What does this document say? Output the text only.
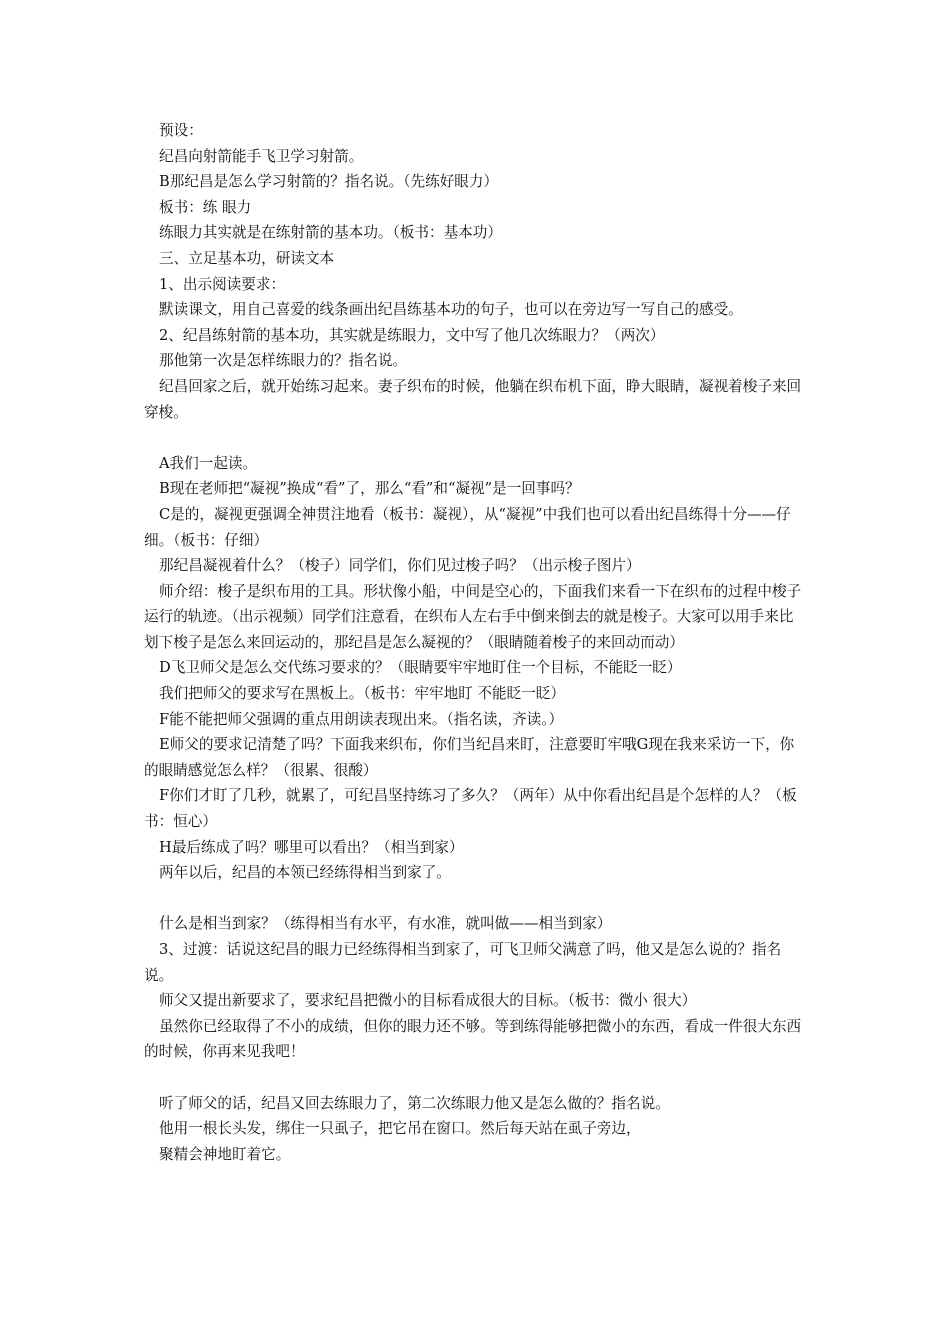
预设：

纪昌向射箭能手飞卫学习射箭。

B那纪昌是怎么学习射箭的？指名说。（先练好眼力）

板书：练 眼力

练眼力其实就是在练射箭的基本功。（板书：基本功）

三、立足基本功，研读文本

1、出示阅读要求：

默读课文，用自己喜爱的线条画出纪昌练基本功的句子，也可以在旁边写一写自己的感受。

2、纪昌练射箭的基本功，其实就是练眼力，文中写了他几次练眼力？（两次）

那他第一次是怎样练眼力的？指名说。

纪昌回家之后，就开始练习起来。妻子织布的时候，他躺在织布机下面，睁大眼睛，凝视着梭子来回穿梭。

A我们一起读。

B现在老师把“凝视”换成“看”了，那么“看”和“凝视”是一回事吗？

C是的，凝视更强调全神贯注地看（板书：凝视），从“凝视”中我们也可以看出纪昌练得十分——仔细。（板书：仔细）

那纪昌凝视着什么？（梭子）同学们，你们见过梭子吗？（出示梭子图片）

师介绍：梭子是织布用的工具。形状像小船，中间是空心的，下面我们来看一下在织布的过程中梭子运行的轨迹。（出示视频）同学们注意看，在织布人左右手中倒来倒去的就是梭子。大家可以用手来比划下梭子是怎么来回运动的，那纪昌是怎么凝视的？（眼睛随着梭子的来回动而动）

D飞卫师父是怎么交代练习要求的？（眼睛要牢牢地盯住一个目标，不能眨一眨）

我们把师父的要求写在黑板上。（板书：牢牢地盯 不能眨一眨）

F能不能把师父强调的重点用朗读表现出来。（指名读，齐读。）

E师父的要求记清楚了吗？下面我来织布，你们当纪昌来盯，注意要盯牢哦G现在我来采访一下，你的眼睛感觉怎么样？（很累、很酸）

F你们才盯了几秒，就累了，可纪昌坚持练习了多久？（两年）从中你看出纪昌是个怎样的人？（板书：恒心）

H最后练成了吗？哪里可以看出？（相当到家）

两年以后，纪昌的本领已经练得相当到家了。

什么是相当到家？（练得相当有水平，有水准，就叫做——相当到家）

3、过渡：话说这纪昌的眼力已经练得相当到家了，可飞卫师父满意了吗，他又是怎么说的？指名说。

师父又提出新要求了，要求纪昌把微小的目标看成很大的目标。（板书：微小 很大）

虽然你已经取得了不小的成绩，但你的眼力还不够。等到练得能够把微小的东西，看成一件很大东西的时候，你再来见我吧！

听了师父的话，纪昌又回去练眼力了，第二次练眼力他又是怎么做的？指名说。

他用一根长头发，绑住一只虱子，把它吊在窗口。然后每天站在虱子旁边，

聚精会神地盯着它。
